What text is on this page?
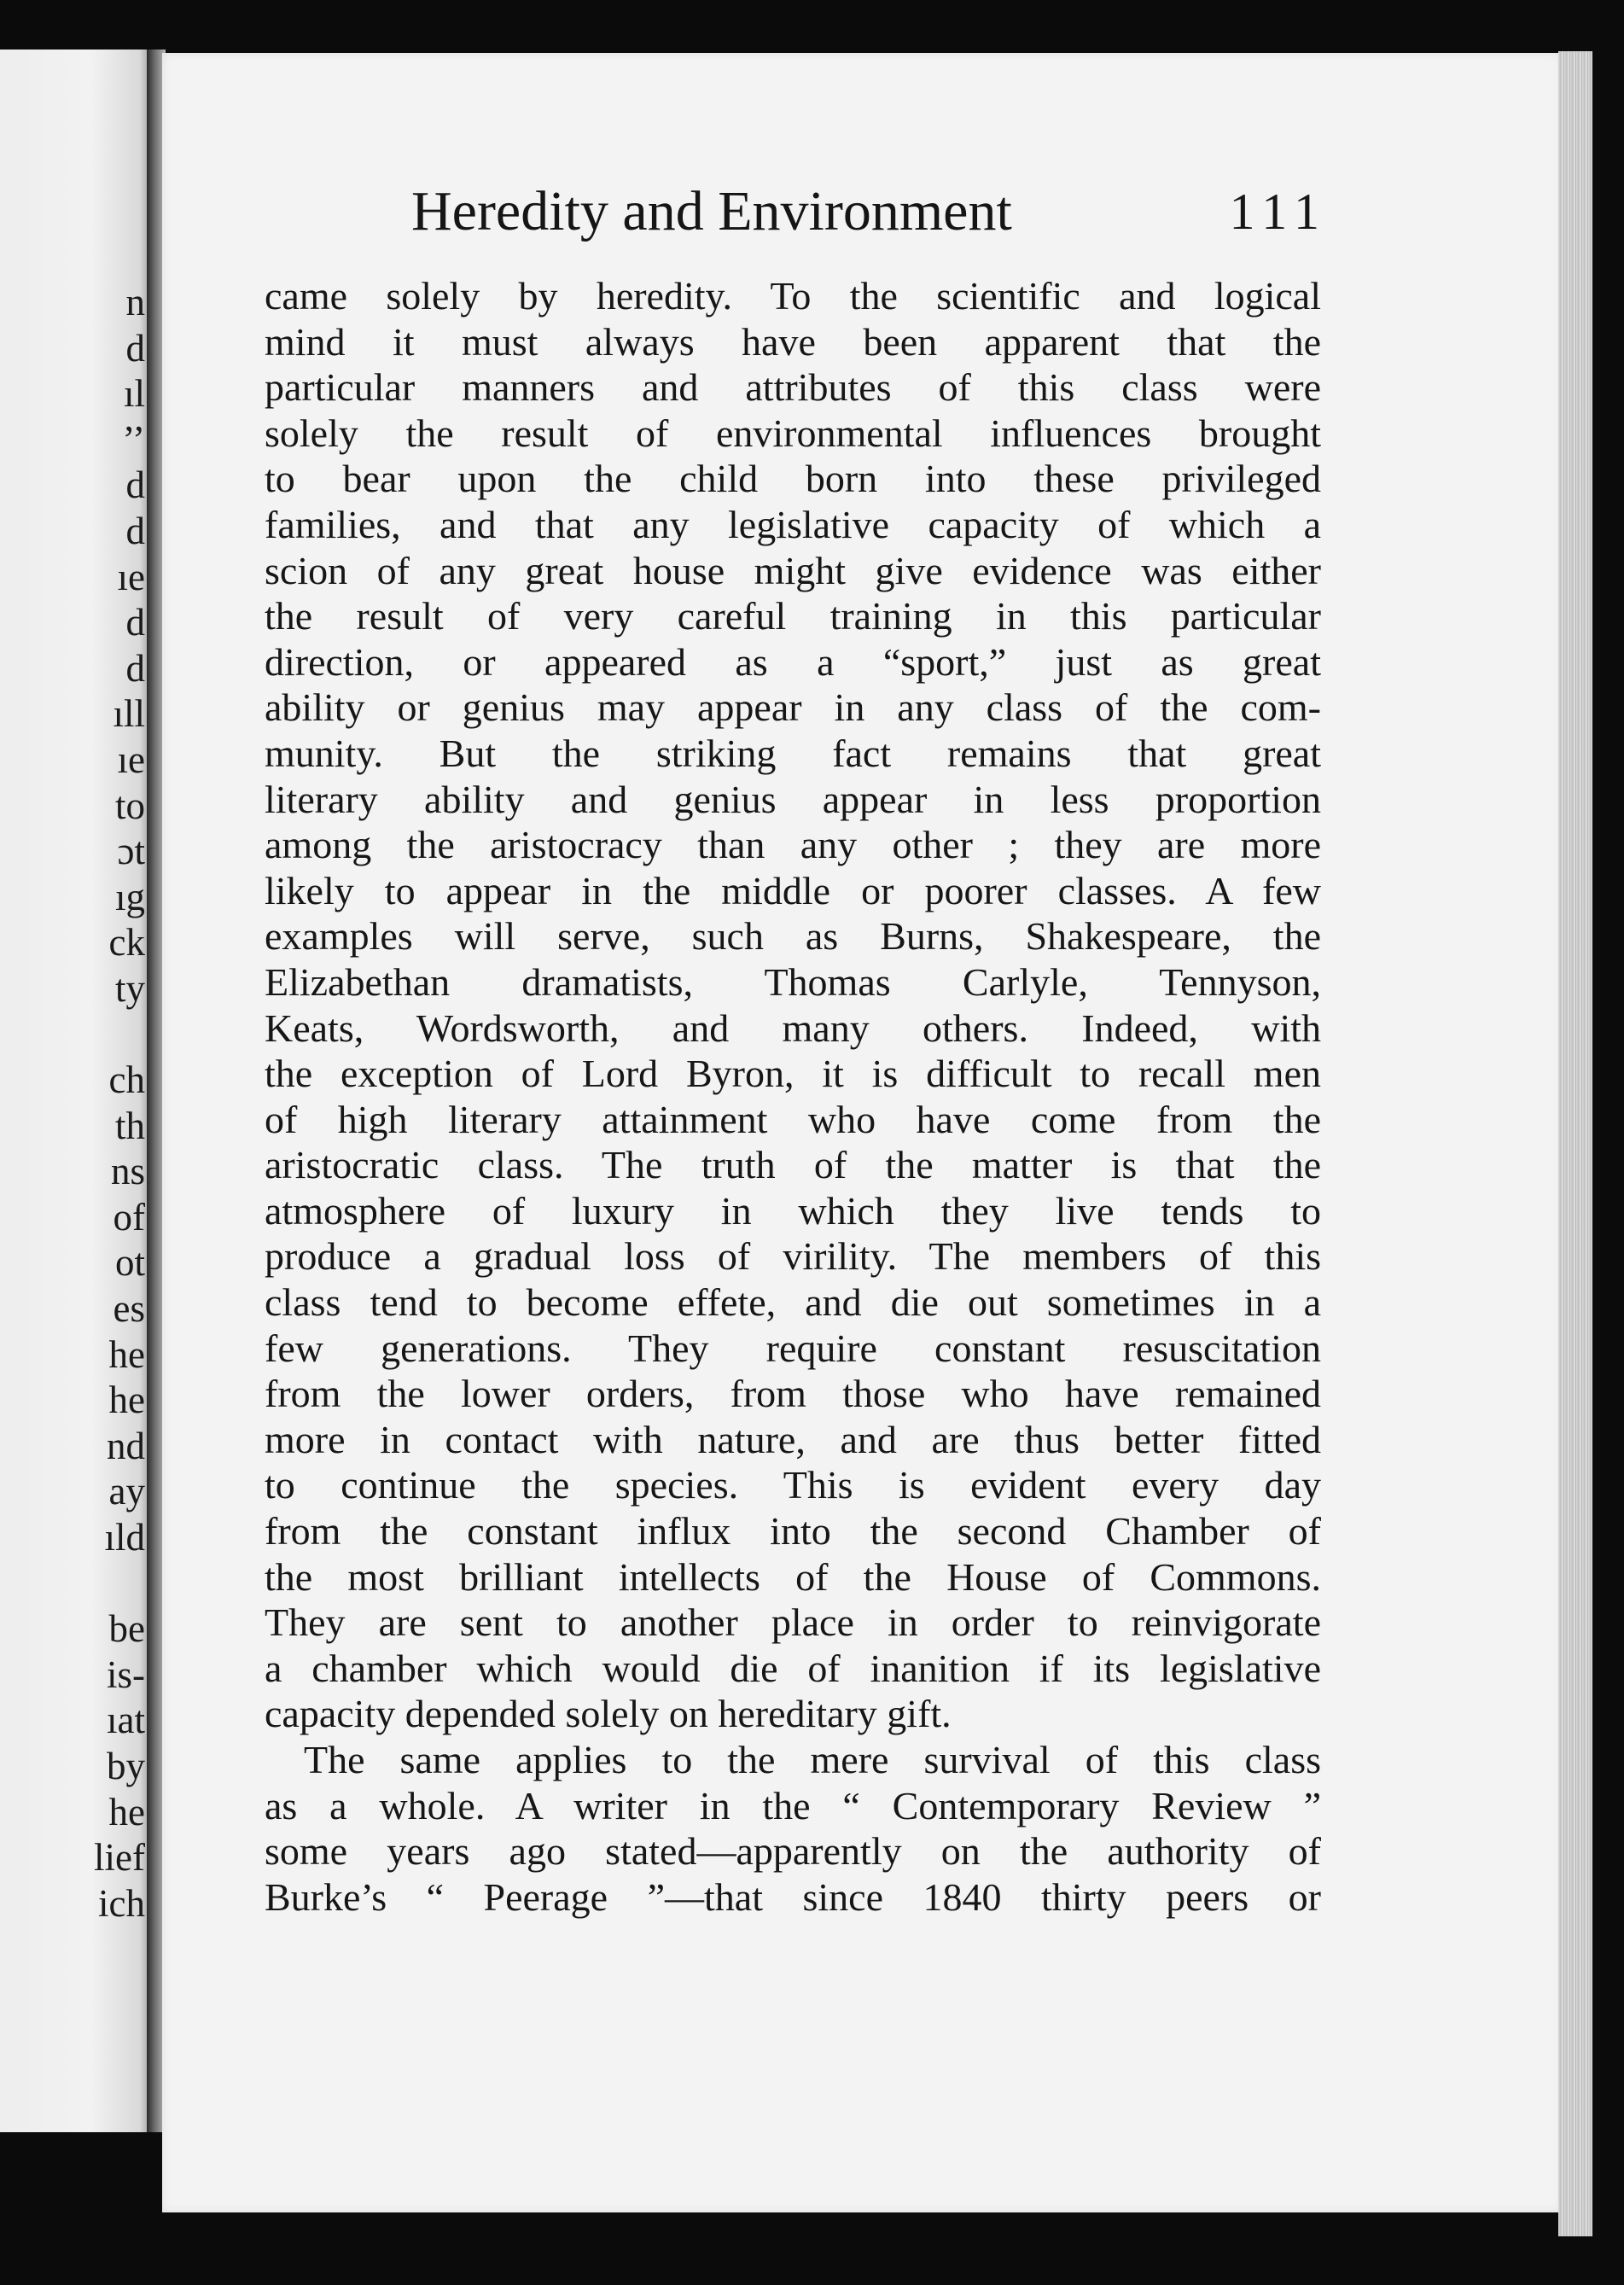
n
d
ıl
’’
d
d
ıe
d
d
ıll
ıe
to
ɔt
ıg
ck
ty
ch
th
ns
of
ot
es
he
he
nd
ay
ıld
be
is-
ıat
by
he
lief
ich
Heredity and Environment	111
came solely by heredity. To the scientific and logical
mind it must always have been apparent that the
particular manners and attributes of this class were
solely the result of environmental influences brought
to bear upon the child born into these privileged
families, and that any legislative capacity of which a
scion of any great house might give evidence was either
the result of very careful training in this particular
direction, or appeared as a “sport,” just as great
ability or genius may appear in any class of the com-
munity. But the striking fact remains that great
literary ability and genius appear in less proportion
among the aristocracy than any other ; they are more
likely to appear in the middle or poorer classes. A few
examples will serve, such as Burns, Shakespeare, the
Elizabethan dramatists, Thomas Carlyle, Tennyson,
Keats, Wordsworth, and many others. Indeed, with
the exception of Lord Byron, it is difficult to recall men
of high literary attainment who have come from the
aristocratic class. The truth of the matter is that the
atmosphere of luxury in which they live tends to
produce a gradual loss of virility. The members of this
class tend to become effete, and die out sometimes in a
few generations. They require constant resuscitation
from the lower orders, from those who have remained
more in contact with nature, and are thus better fitted
to continue the species. This is evident every day
from the constant influx into the second Chamber of
the most brilliant intellects of the House of Commons.
They are sent to another place in order to reinvigorate
a chamber which would die of inanition if its legislative
capacity depended solely on hereditary gift.
The same applies to the mere survival of this class
as a whole. A writer in the “ Contemporary Review ”
some years ago stated—apparently on the authority of
Burke’s “ Peerage ”—that since 1840 thirty peers or
